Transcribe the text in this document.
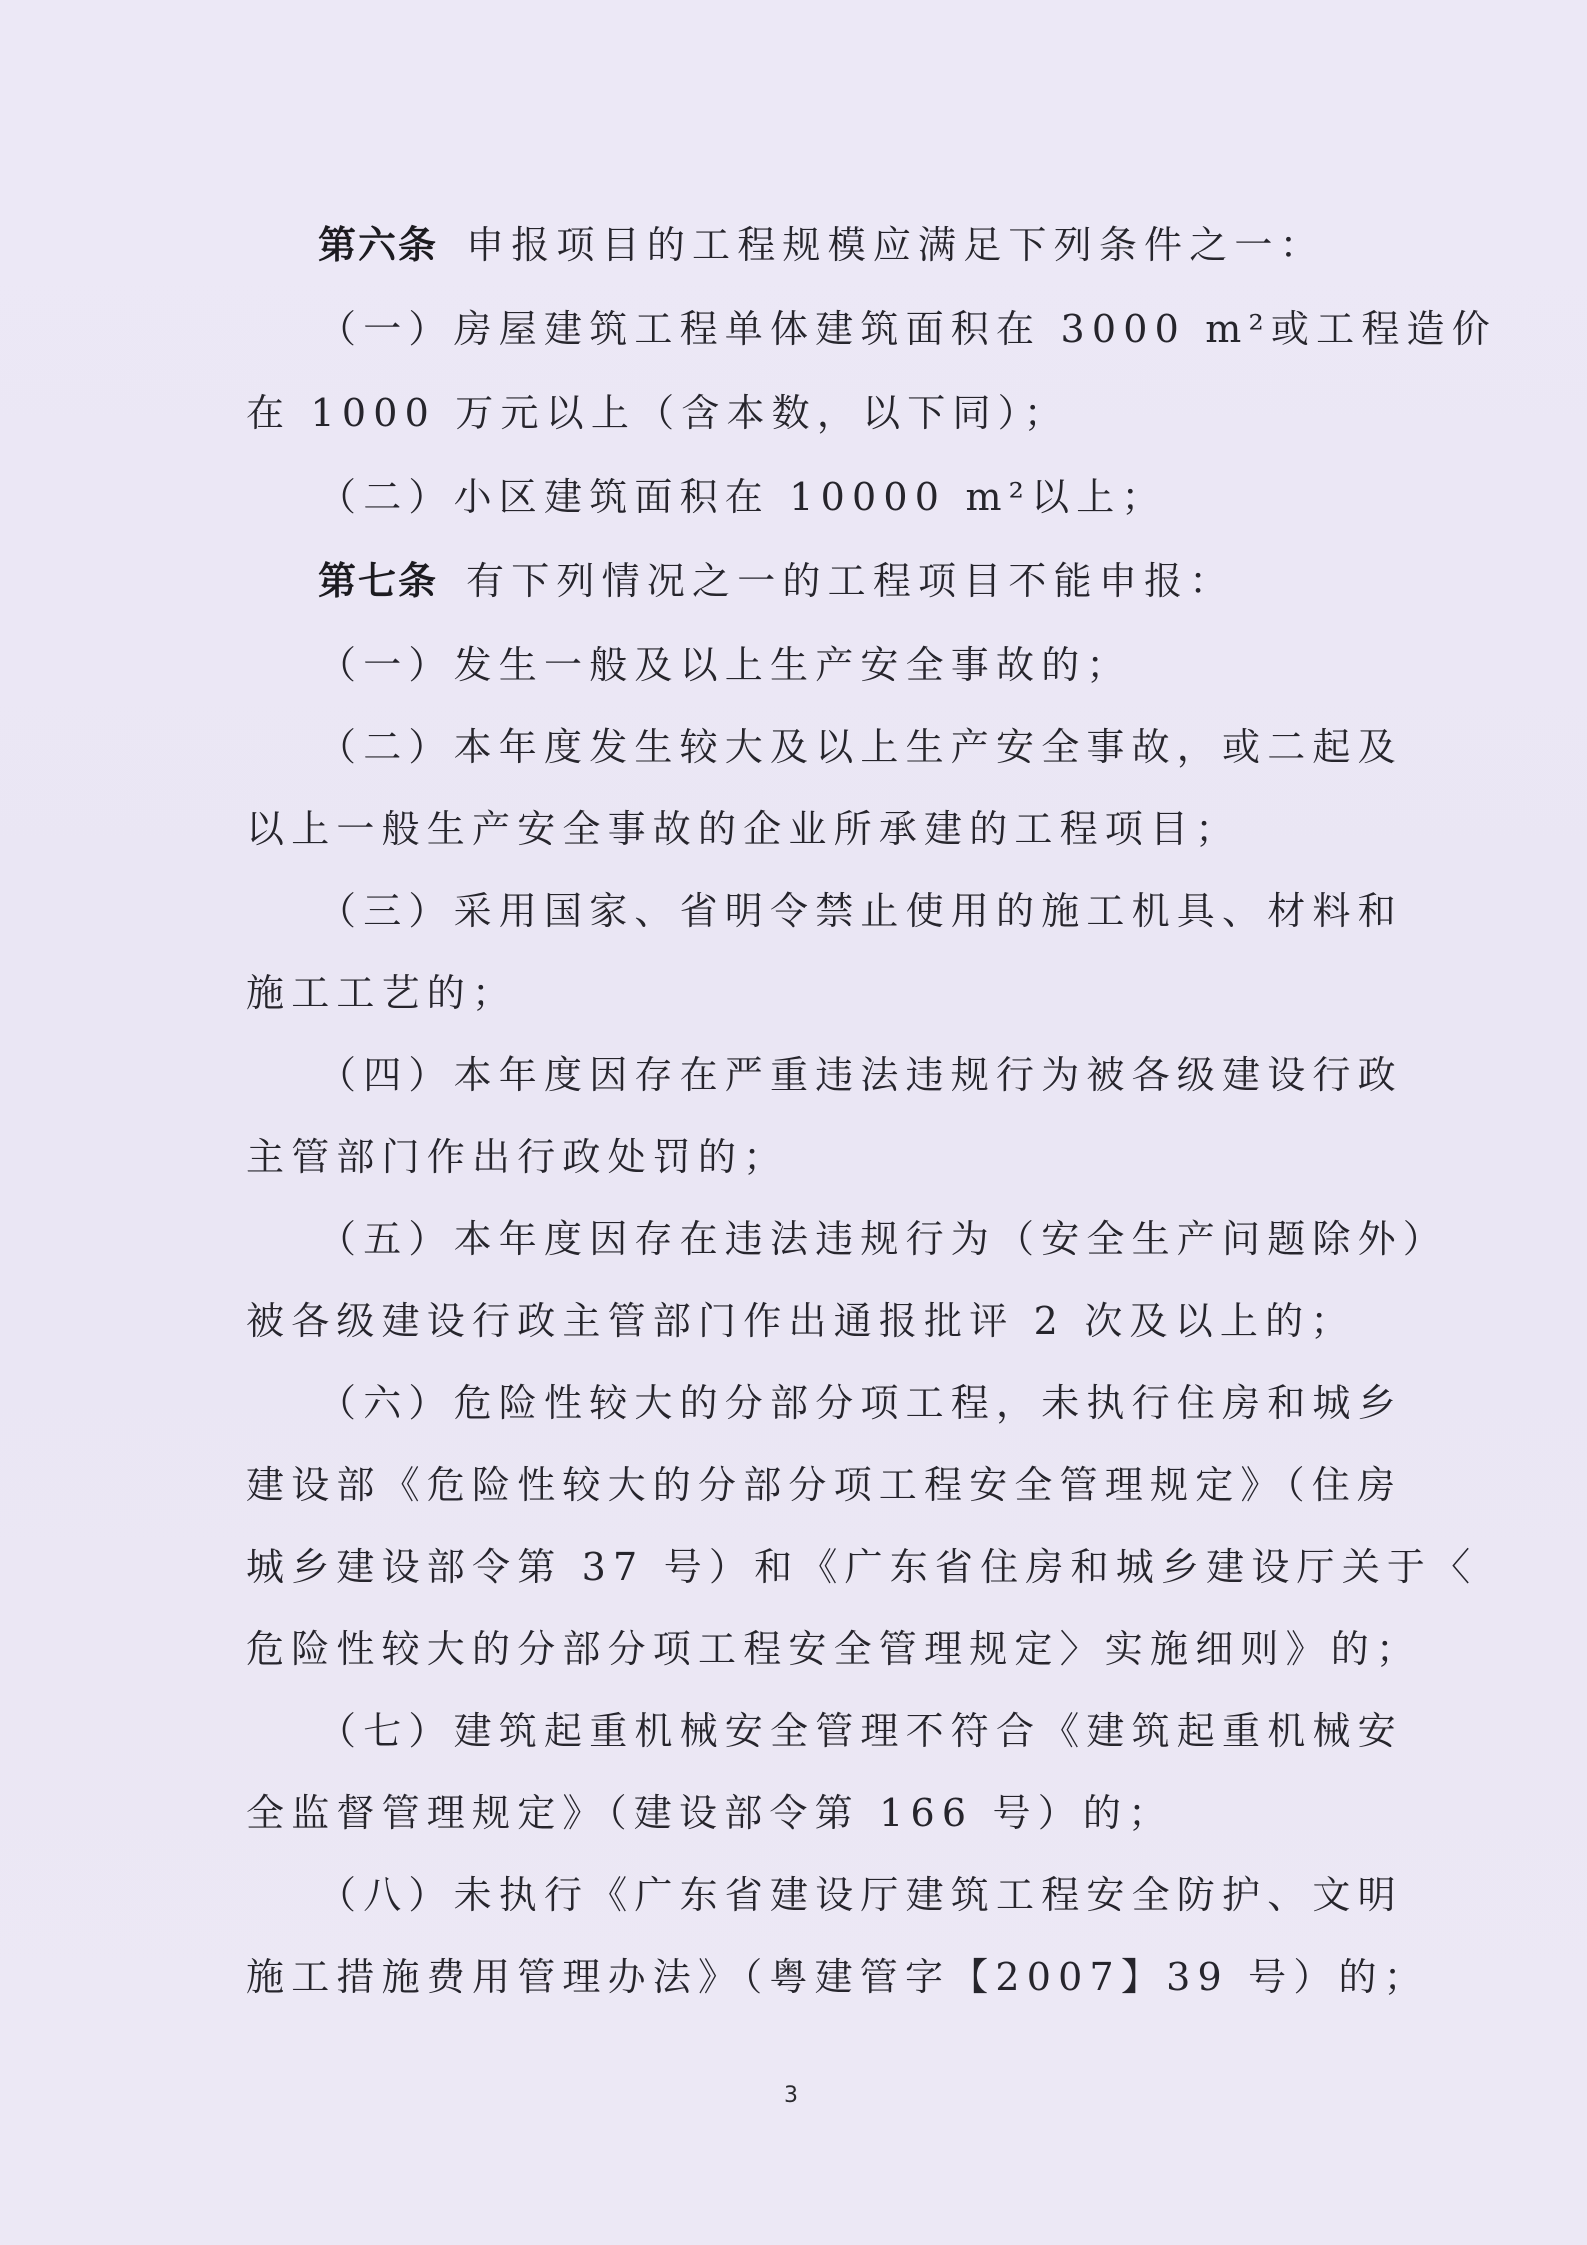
第六条 申报项目的工程规模应满足下列条件之一：
（一）房屋建筑工程单体建筑面积在 3000 m²或工程造价
在 1000 万元以上（含本数，以下同）；
（二）小区建筑面积在 10000 m²以上；
第七条 有下列情况之一的工程项目不能申报：
（一）发生一般及以上生产安全事故的；
（二）本年度发生较大及以上生产安全事故，或二起及
以上一般生产安全事故的企业所承建的工程项目；
（三）采用国家、省明令禁止使用的施工机具、材料和
施工工艺的；
（四）本年度因存在严重违法违规行为被各级建设行政
主管部门作出行政处罚的；
（五）本年度因存在违法违规行为（安全生产问题除外）
被各级建设行政主管部门作出通报批评 2 次及以上的；
（六）危险性较大的分部分项工程，未执行住房和城乡
建设部《危险性较大的分部分项工程安全管理规定》（住房
城乡建设部令第 37 号）和《广东省住房和城乡建设厅关于〈
危险性较大的分部分项工程安全管理规定〉实施细则》的；
（七）建筑起重机械安全管理不符合《建筑起重机械安
全监督管理规定》（建设部令第 166 号）的；
（八）未执行《广东省建设厅建筑工程安全防护、文明
施工措施费用管理办法》（粤建管字【2007】39 号）的；
3
